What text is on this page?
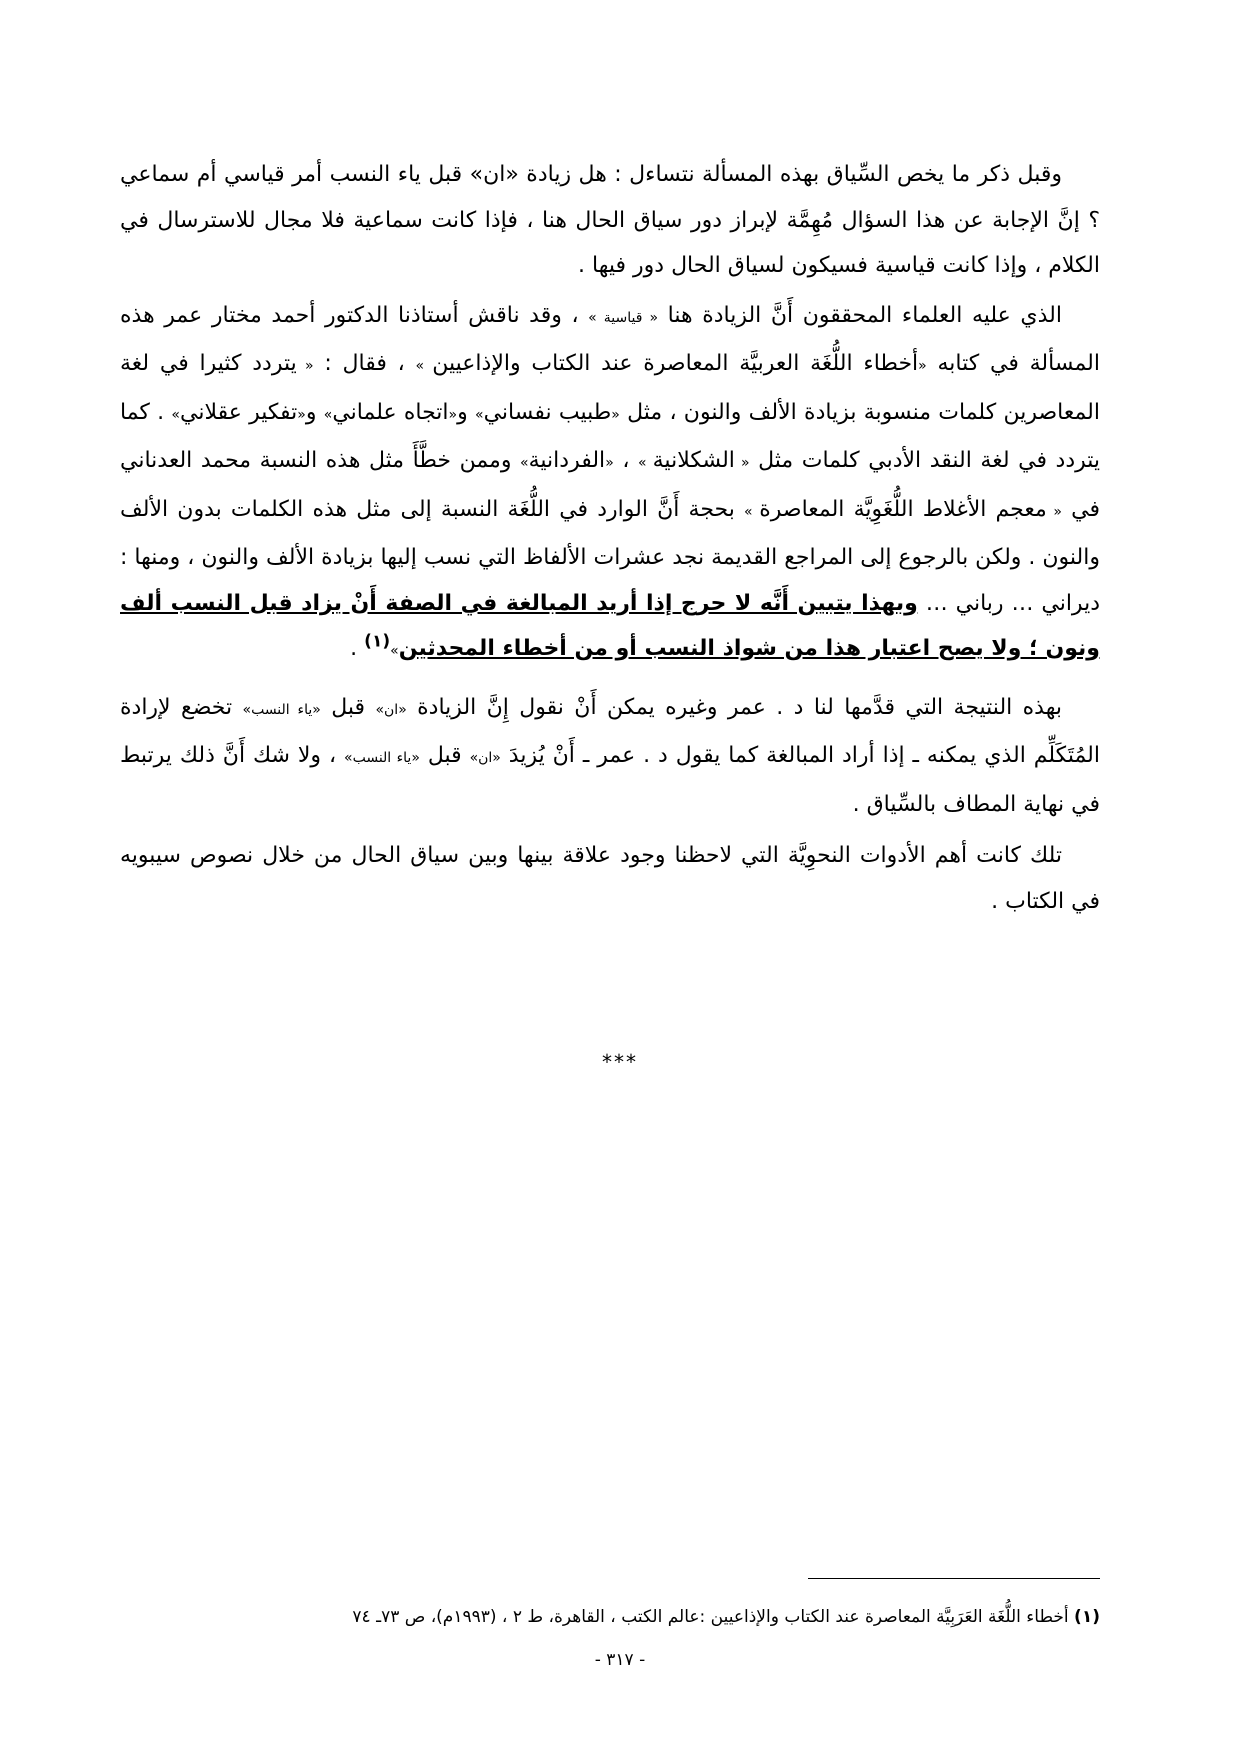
وقبل ذكر ما يخص السِّياق بهذه المسألة نتساءل : هل زيادة «ان» قبل ياء النسب أمر قياسي أم سماعي ؟ إنَّ الإجابة عن هذا السؤال مُهِمَّة لإبراز دور سياق الحال هنا ، فإذا كانت سماعية فلا مجال للاسترسال في الكلام ، وإذا كانت قياسية فسيكون لسياق الحال دور فيها .

الذي عليه العلماء المحققون أَنَّ الزيادة هنا « قياسية » ، وقد ناقش أستاذنا الدكتور أحمد مختار عمر هذه المسألة في كتابه «أخطاء اللُّغَة العربيَّة المعاصرة عند الكتاب والإذاعيين » ، فقال : « يتردد كثيرا في لغة المعاصرين كلمات منسوبة بزيادة الألف والنون ، مثل «طبيب نفساني» و«اتجاه علماني» و«تفكير عقلاني» . كما يتردد في لغة النقد الأدبي كلمات مثل « الشكلانية » ، «الفردانية» وممن خطَّأَ مثل هذه النسبة محمد العدناني في « معجم الأغلاط اللُّغَوِيَّة المعاصرة » بحجة أَنَّ الوارد في اللُّغَة النسبة إلى مثل هذه الكلمات بدون الألف والنون . ولكن بالرجوع إلى المراجع القديمة نجد عشرات الألفاظ التي نسب إليها بزيادة الألف والنون ، ومنها : ديراني … رباني … وبهذا يتبين أَنَّه لا حرج إذا أريد المبالغة في الصفة أَنْ يزاد قبل النسب ألف ونون ؛ ولا يصح اعتبار هذا من شواذ النسب أو من أخطاء المحدثين»$^{(١)}$ .

بهذه النتيجة التي قدَّمها لنا د . عمر وغيره يمكن أَنْ نقول إِنَّ الزيادة «ان» قبل «ياء النسب» تخضع لإرادة المُتَكَلِّم الذي يمكنه ـ إذا أراد المبالغة كما يقول د . عمر ـ أَنْ يُزيدَ «ان» قبل «ياء النسب» ، ولا شك أَنَّ ذلك يرتبط في نهاية المطاف بالسِّياق .

تلك كانت أهم الأدوات النحوِيَّة التي لاحظنا وجود علاقة بينها وبين سياق الحال من خلال نصوص سيبويه في الكتاب .

***
(١) أخطاء اللُّغَة العَرَبِيَّة المعاصرة عند الكتاب والإذاعيين :عالم الكتب ، القاهرة، ط ٢ ، (١٩٩٣م)، ص ٧٣ـ ٧٤
- ٣١٧ -
